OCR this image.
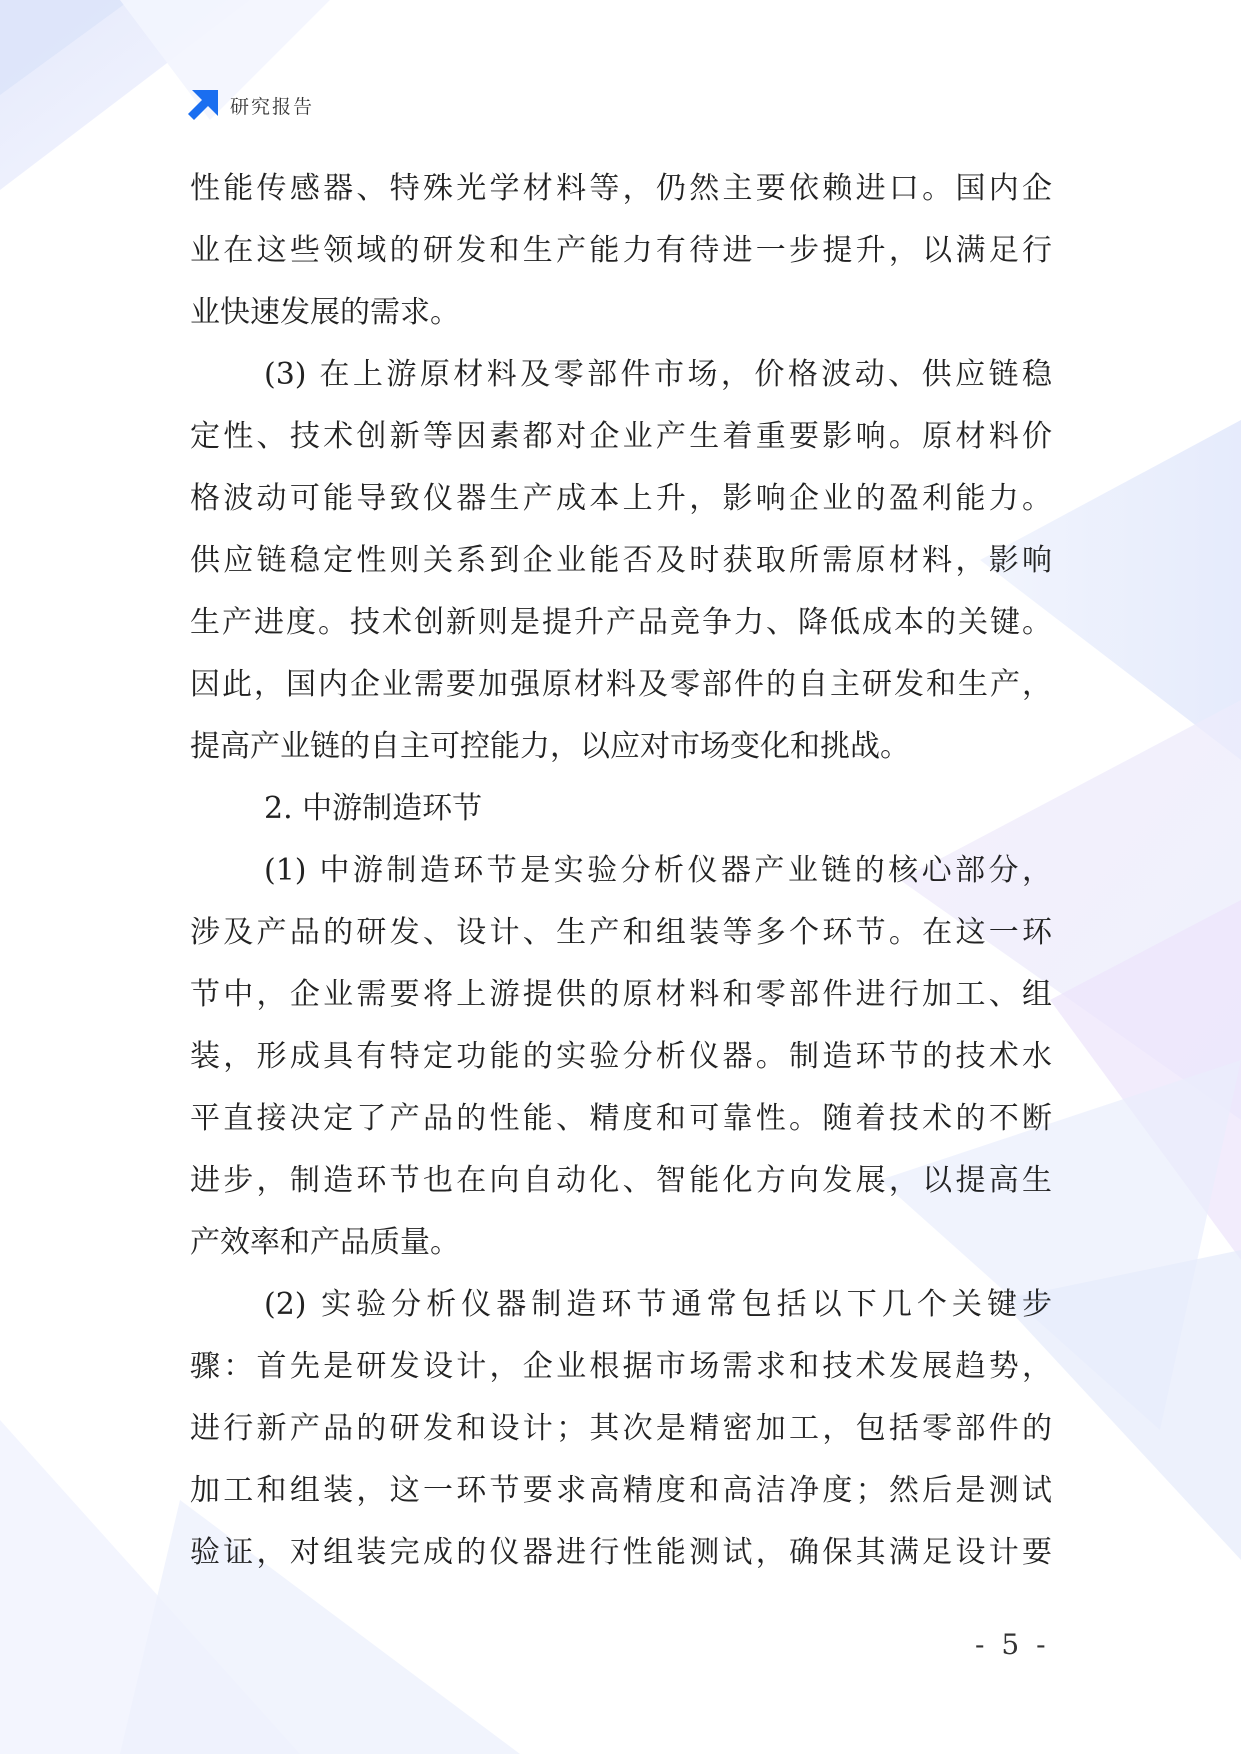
研究报告
性能传感器、特殊光学材料等，仍然主要依赖进口。国内企
业在这些领域的研发和生产能力有待进一步提升，以满足行
业快速发展的需求。
(3) 在上游原材料及零部件市场，价格波动、供应链稳
定性、技术创新等因素都对企业产生着重要影响。原材料价
格波动可能导致仪器生产成本上升，影响企业的盈利能力。
供应链稳定性则关系到企业能否及时获取所需原材料，影响
生产进度。技术创新则是提升产品竞争力、降低成本的关键。
因此，国内企业需要加强原材料及零部件的自主研发和生产，
提高产业链的自主可控能力，以应对市场变化和挑战。
2. 中游制造环节
(1) 中游制造环节是实验分析仪器产业链的核心部分，
涉及产品的研发、设计、生产和组装等多个环节。在这一环
节中，企业需要将上游提供的原材料和零部件进行加工、组
装，形成具有特定功能的实验分析仪器。制造环节的技术水
平直接决定了产品的性能、精度和可靠性。随着技术的不断
进步，制造环节也在向自动化、智能化方向发展，以提高生
产效率和产品质量。
(2) 实验分析仪器制造环节通常包括以下几个关键步
骤：首先是研发设计，企业根据市场需求和技术发展趋势，
进行新产品的研发和设计；其次是精密加工，包括零部件的
加工和组装，这一环节要求高精度和高洁净度；然后是测试
验证，对组装完成的仪器进行性能测试，确保其满足设计要
- 5 -
